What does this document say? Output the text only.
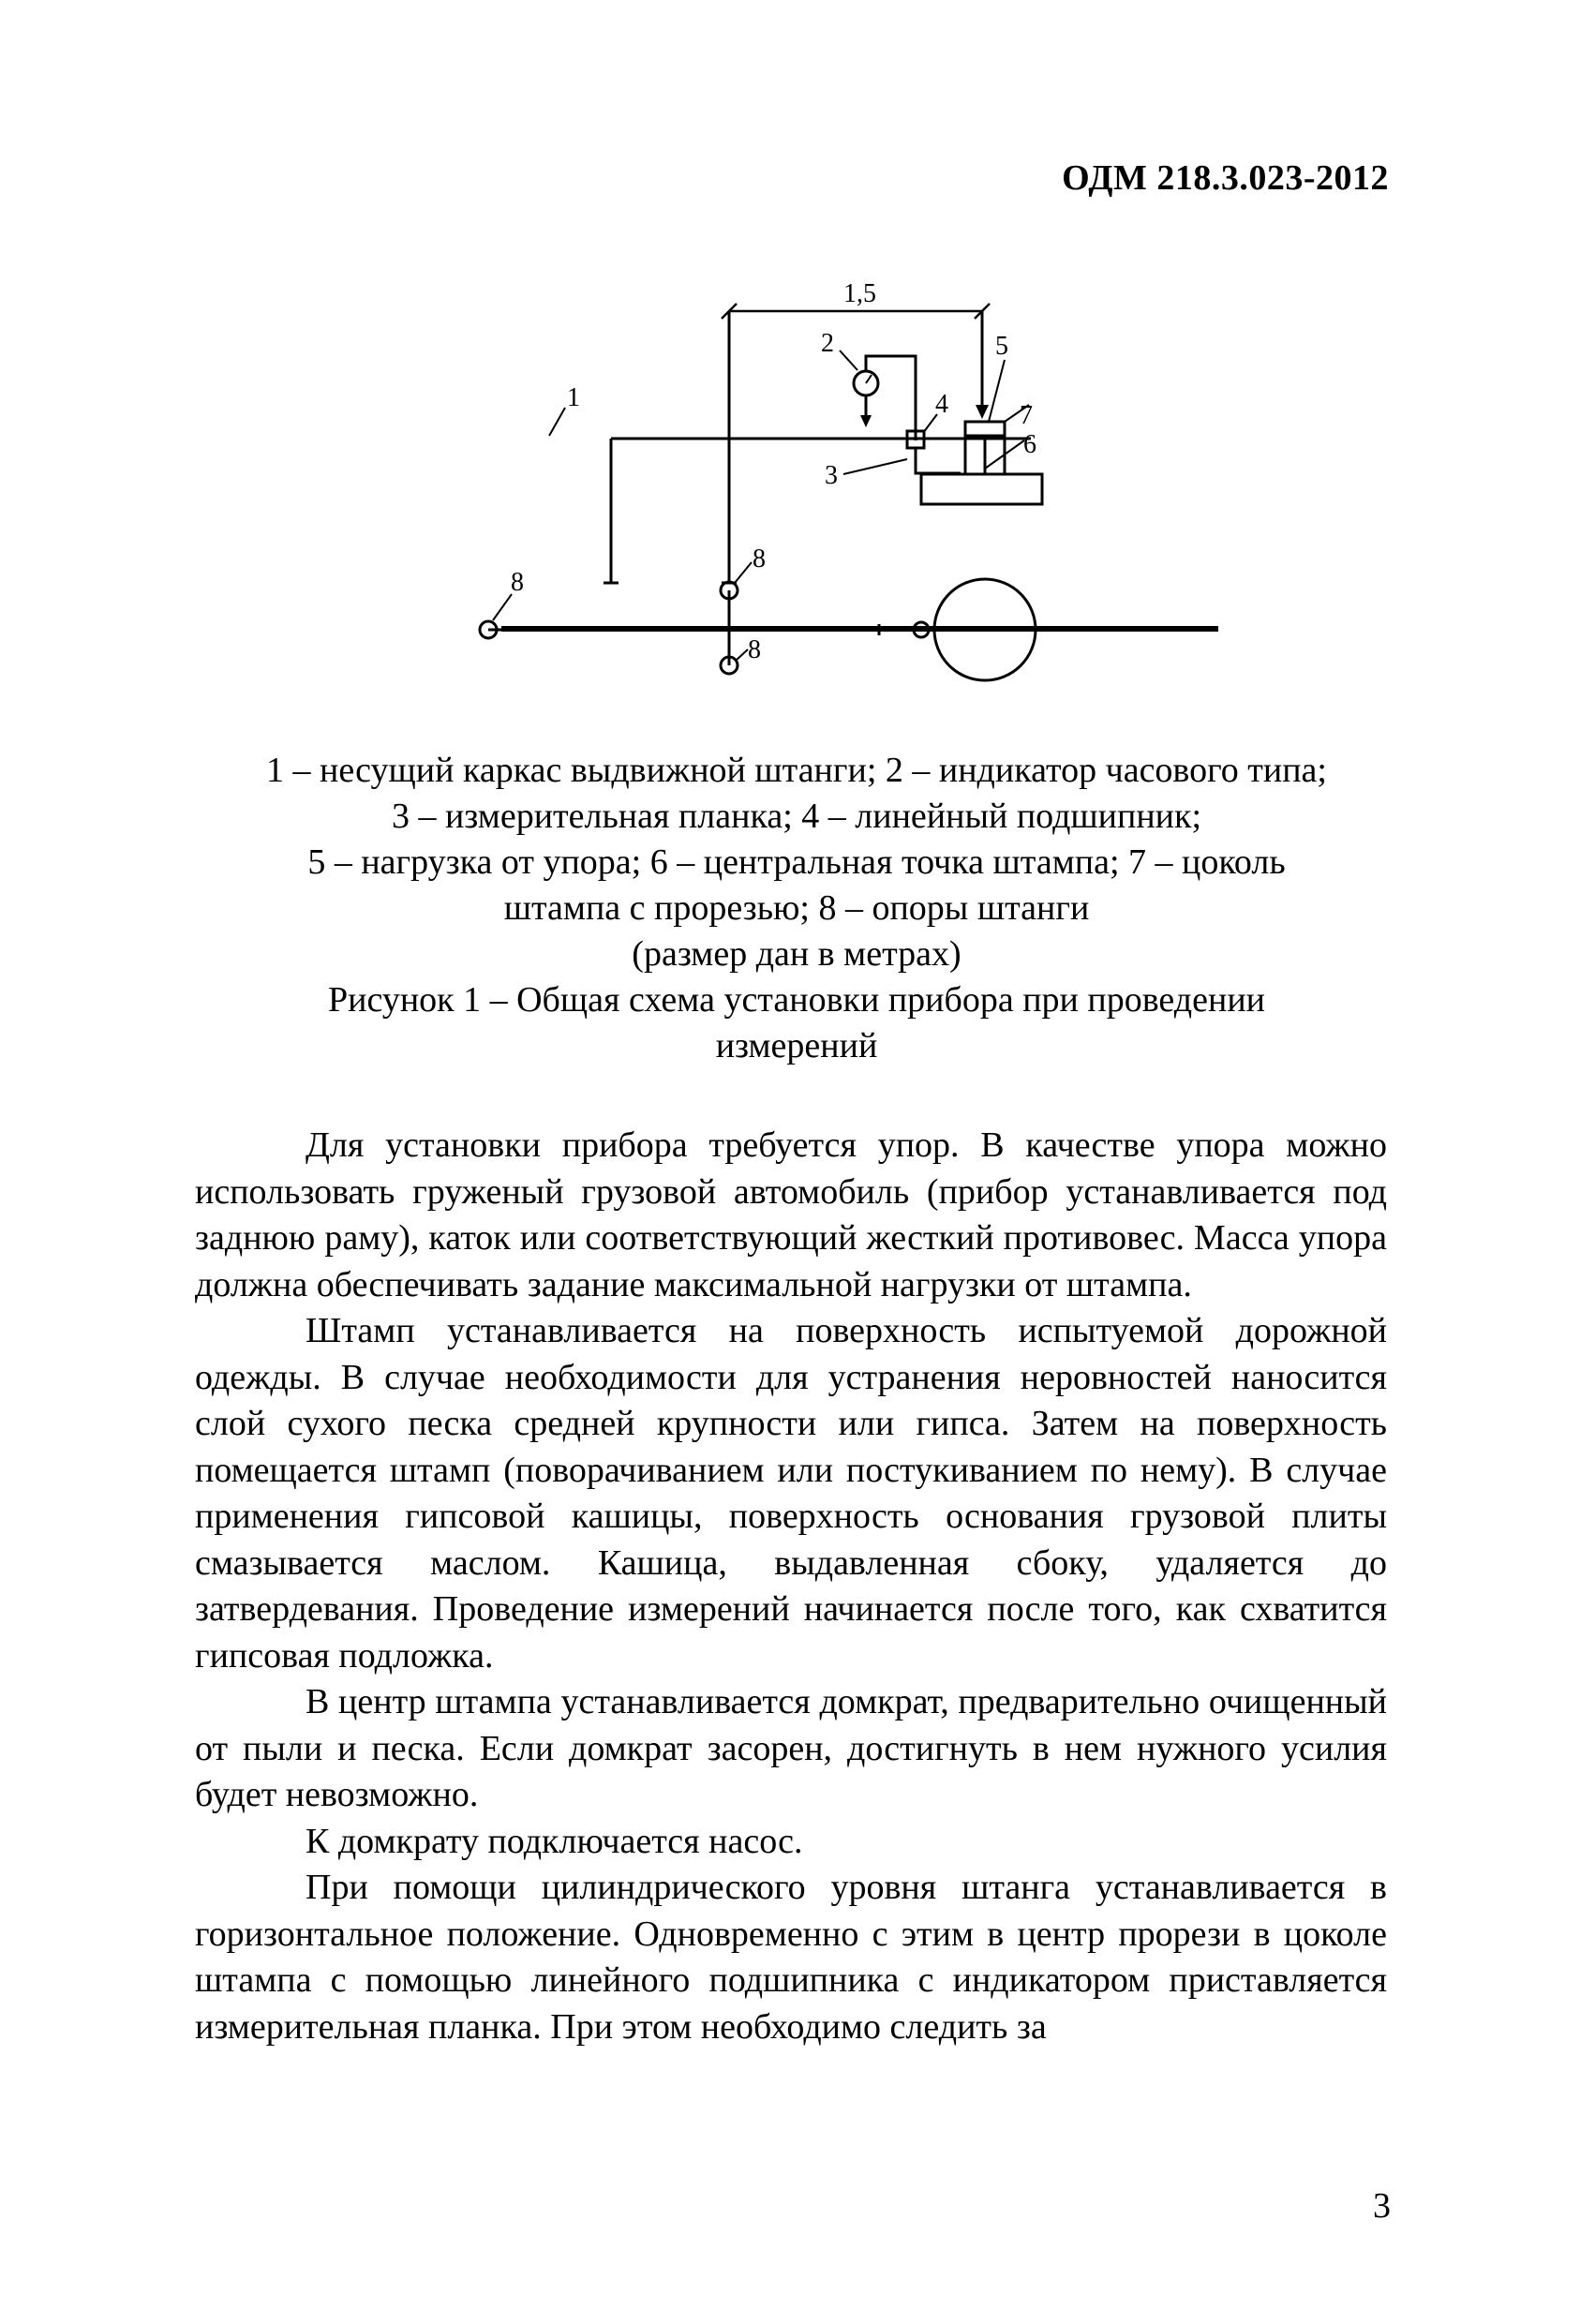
ОДМ 218.3.023-2012
1,5
1
2
3
4
5
6
7
8
8
8
1 – несущий каркас выдвижной штанги; 2 – индикатор часового типа;
3 – измерительная планка; 4 – линейный подшипник;
5 – нагрузка от упора; 6 – центральная точка штампа; 7 – цоколь
штампа с прорезью; 8 – опоры штанги
(размер дан в метрах)
Рисунок 1 – Общая схема установки прибора при проведении
измерений

Для установки прибора требуется упор. В качестве упора можно использовать груженый грузовой автомобиль (прибор устанавливается под заднюю раму), каток или соответствующий жесткий противовес. Масса упора должна обеспечивать задание максимальной нагрузки от штампа.

Штамп устанавливается на поверхность испытуемой дорожной одежды. В случае необходимости для устранения неровностей наносится слой сухого песка средней крупности или гипса. Затем на поверхность помещается штамп (поворачиванием или постукиванием по нему). В случае применения гипсовой кашицы, поверхность основания грузовой плиты смазывается маслом. Кашица, выдавленная сбоку, удаляется до затвердевания. Проведение измерений начинается после того, как схватится гипсовая подложка.

В центр штампа устанавливается домкрат, предварительно очищенный от пыли и песка. Если домкрат засорен, достигнуть в нем нужного усилия будет невозможно.

К домкрату подключается насос.

При помощи цилиндрического уровня штанга устанавливается в горизонтальное положение. Одновременно с этим в центр прорези в цоколе штампа с помощью линейного подшипника с индикатором приставляется измерительная планка. При этом необходимо следить за

3
